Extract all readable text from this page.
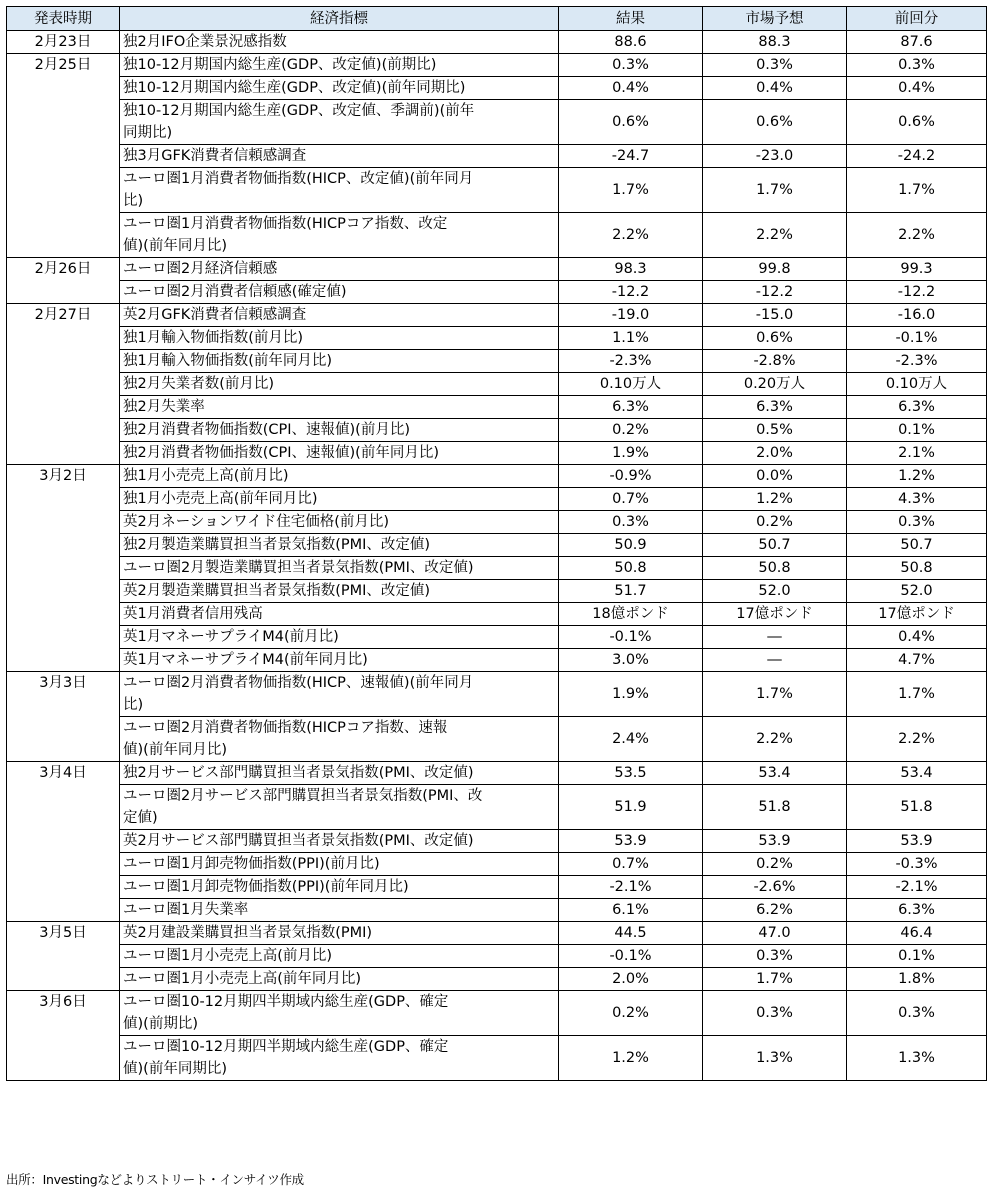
発表時期	経済指標	結果	市場予想	前回分
2月23日	独2月IFO企業景況感指数	88.6	88.3	87.6
2月25日	独10-12月期国内総生産(GDP、改定値)(前期比)	0.3%	0.3%	0.3%
	独10-12月期国内総生産(GDP、改定値)(前年同期比)	0.4%	0.4%	0.4%
	独10-12月期国内総生産(GDP、改定値、季調前)(前年
同期比)	0.6%	0.6%	0.6%
	独3月GFK消費者信頼感調査	-24.7	-23.0	-24.2
	ユーロ圏1月消費者物価指数(HICP、改定値)(前年同月
比)	1.7%	1.7%	1.7%
	ユーロ圏1月消費者物価指数(HICPコア指数、改定
値)(前年同月比)	2.2%	2.2%	2.2%
2月26日	ユーロ圏2月経済信頼感	98.3	99.8	99.3
	ユーロ圏2月消費者信頼感(確定値)	-12.2	-12.2	-12.2
2月27日	英2月GFK消費者信頼感調査	-19.0	-15.0	-16.0
	独1月輸入物価指数(前月比)	1.1%	0.6%	-0.1%
	独1月輸入物価指数(前年同月比)	-2.3%	-2.8%	-2.3%
	独2月失業者数(前月比)	0.10万人	0.20万人	0.10万人
	独2月失業率	6.3%	6.3%	6.3%
	独2月消費者物価指数(CPI、速報値)(前月比)	0.2%	0.5%	0.1%
	独2月消費者物価指数(CPI、速報値)(前年同月比)	1.9%	2.0%	2.1%
3月2日	独1月小売売上高(前月比)	-0.9%	0.0%	1.2%
	独1月小売売上高(前年同月比)	0.7%	1.2%	4.3%
	英2月ネーションワイド住宅価格(前月比)	0.3%	0.2%	0.3%
	独2月製造業購買担当者景気指数(PMI、改定値)	50.9	50.7	50.7
	ユーロ圏2月製造業購買担当者景気指数(PMI、改定値)	50.8	50.8	50.8
	英2月製造業購買担当者景気指数(PMI、改定値)	51.7	52.0	52.0
	英1月消費者信用残高	18億ポンド	17億ポンド	17億ポンド
	英1月マネーサプライM4(前月比)	-0.1%	―	0.4%
	英1月マネーサプライM4(前年同月比)	3.0%	―	4.7%
3月3日	ユーロ圏2月消費者物価指数(HICP、速報値)(前年同月
比)	1.9%	1.7%	1.7%
	ユーロ圏2月消費者物価指数(HICPコア指数、速報
値)(前年同月比)	2.4%	2.2%	2.2%
3月4日	独2月サービス部門購買担当者景気指数(PMI、改定値)	53.5	53.4	53.4
	ユーロ圏2月サービス部門購買担当者景気指数(PMI、改
定値)	51.9	51.8	51.8
	英2月サービス部門購買担当者景気指数(PMI、改定値)	53.9	53.9	53.9
	ユーロ圏1月卸売物価指数(PPI)(前月比)	0.7%	0.2%	-0.3%
	ユーロ圏1月卸売物価指数(PPI)(前年同月比)	-2.1%	-2.6%	-2.1%
	ユーロ圏1月失業率	6.1%	6.2%	6.3%
3月5日	英2月建設業購買担当者景気指数(PMI)	44.5	47.0	46.4
	ユーロ圏1月小売売上高(前月比)	-0.1%	0.3%	0.1%
	ユーロ圏1月小売売上高(前年同月比)	2.0%	1.7%	1.8%
3月6日	ユーロ圏10-12月期四半期域内総生産(GDP、確定
値)(前期比)	0.2%	0.3%	0.3%
	ユーロ圏10-12月期四半期域内総生産(GDP、確定
値)(前年同期比)	1.2%	1.3%	1.3%
出所：Investingなどよりストリート・インサイツ作成
